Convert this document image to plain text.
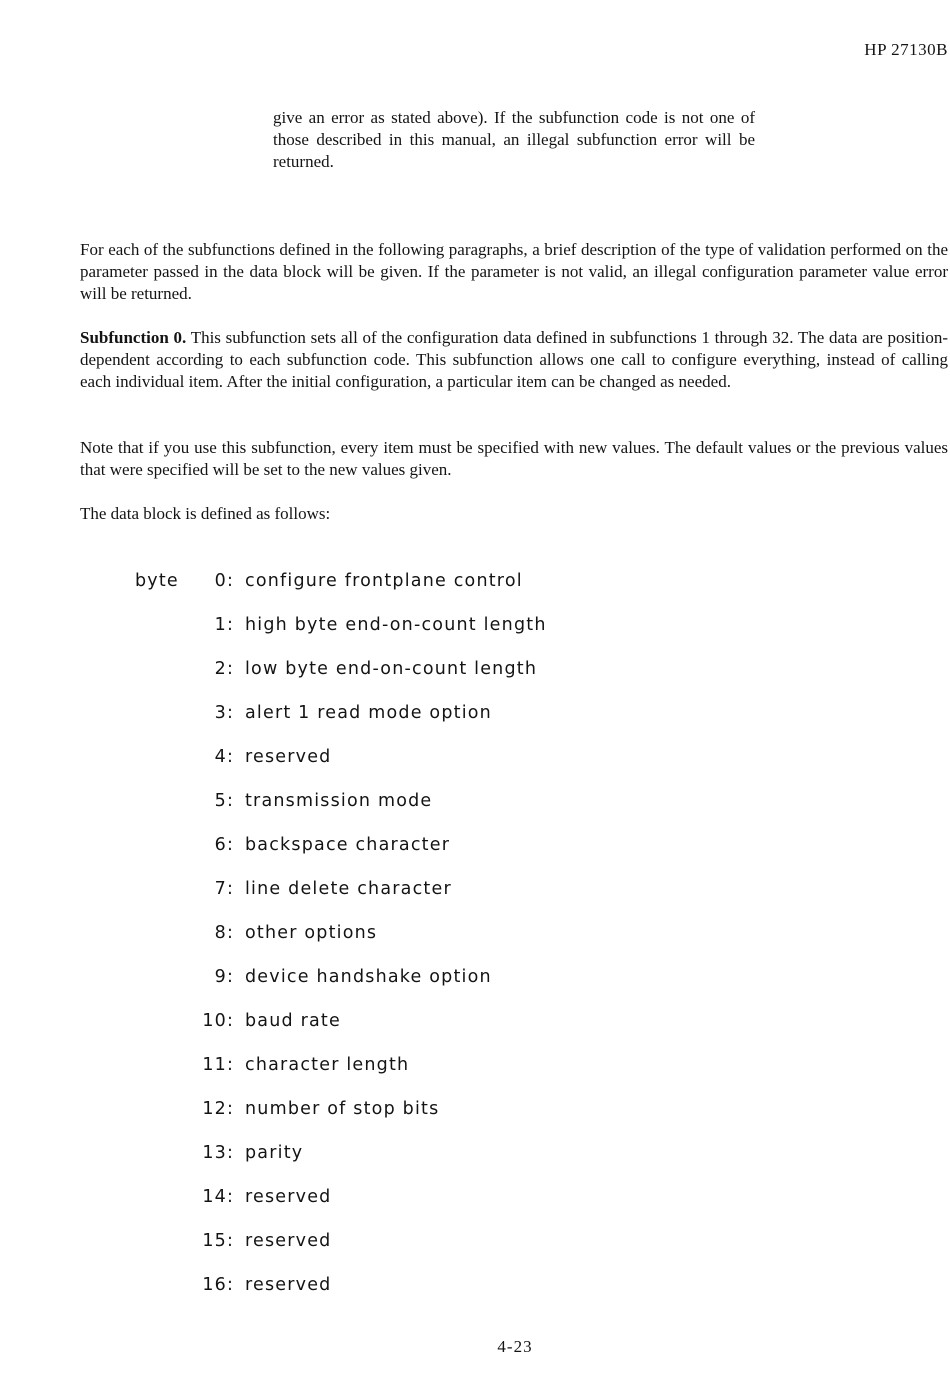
HP 27130B

give an error as stated above). If the subfunction code is not one of those described in this manual, an illegal subfunction error will be returned.

For each of the subfunctions defined in the following paragraphs, a brief description of the type of validation performed on the parameter passed in the data block will be given. If the parameter is not valid, an illegal configuration parameter value error will be returned.

Subfunction 0. This subfunction sets all of the configuration data defined in subfunctions 1 through 32. The data are position-dependent according to each subfunction code. This subfunction allows one call to configure everything, instead of calling each individual item. After the initial configuration, a particular item can be changed as needed.

Note that if you use this subfunction, every item must be specified with new values. The default values or the previous values that were specified will be set to the new values given.

The data block is defined as follows:

byte	0 : configure frontplane control
1 : high byte end-on-count length
2 : low byte end-on-count length
3 : alert 1 read mode option
4 : reserved
5 : transmission mode
6 : backspace character
7 : line delete character
8 : other options
9 : device handshake option
10 : baud rate
11 : character length
12 : number of stop bits
13 : parity
14 : reserved
15 : reserved
16 : reserved
4-23
